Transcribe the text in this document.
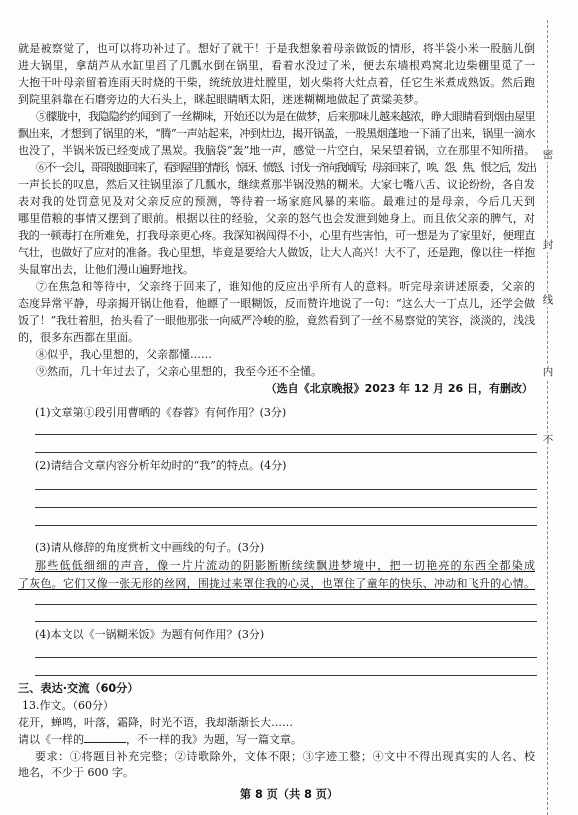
密
封
线
内
不
就是被察觉了，也可以将功补过了。想好了就干！于是我想象着母亲做饭的情形，将半袋小米一股脑儿倒
进大锅里，拿葫芦从水缸里舀了几瓢水倒在锅里，看着水没过了米，便去东墙根鸡窝北边柴棚里觅了一
大抱干叶母亲留着连雨天时烧的干柴，统统放进灶膛里，划火柴将大灶点着，任它生米煮成熟饭。然后跑
到院里斜靠在石磨旁边的大石头上，眯起眼睛晒太阳，迷迷糊糊地做起了黄粱美梦。
⑤朦胧中，我隐隐约约闻到了一丝糊味，开始还以为是在做梦，后来那味儿越来越浓，睁大眼睛看到烟由屋里
飘出来，才想到了锅里的米，“腾”一声站起来，冲到灶边，揭开锅盖，一股黑烟蓬地一下涌了出来，锅里一滴水
也没了，半锅米饭已经变成了黑炭。我脑袋“轰”地一声，感觉一片空白，呆呆望着锅，立在那里不知所措。
⑥不一会儿，哥哥姐姐回来了，看到屋里的情形，惊讶、愤怒、讨伐一齐向我倾泻；母亲回来了，唉、怨、焦、恨之后，发出
一声长长的叹息，然后又往锅里添了几瓢水，继续煮那半锅没熟的糊米。大家七嘴八舌、议论纷纷，各自发
表对我的处罚意见及对父亲反应的预测，等待着一场家庭风暴的来临。最难过的是母亲，今后几天到
哪里借粮的事情又摆到了眼前。根据以往的经验，父亲的怒气也会发泄到她身上。而且依父亲的脾气，对
我的一顿毒打在所难免，打我母亲更心疼。我深知祸闯得不小，心里有些害怕，可一想是为了家里好，便理直
气壮，也做好了应对的准备。我心里想，毕竟是要给大人做饭，让大人高兴！大不了，还是跑，像以往一样抱
头鼠窜出去，让他们漫山遍野地找。
⑦在焦急和等待中，父亲终于回来了，谁知他的反应出乎所有人的意料。听完母亲讲述原委，父亲的
态度异常平静，母亲揭开锅让他看，他瞟了一眼糊饭，反而赞许地说了一句：“这么大一丁点儿，还学会做
饭了！”我壮着胆，抬头看了一眼他那张一向威严冷峻的脸，竟然看到了一丝不易察觉的笑容，淡淡的，浅浅
的，很多东西都在里面。
⑧似乎，我心里想的，父亲都懂……
⑨然而，几十年过去了，父亲心里想的，我至今还不全懂。
（选自《北京晚报》2023 年 12 月 26 日，有删改）
(1)文章第①段引用曹晒的《春蓉》有何作用？(3分)
(2)请结合文章内容分析年幼时的“我”的特点。(4分)
(3)请从修辞的角度赏析文中画线的句子。(3分)
那些低低细细的声音，像一片片流动的阴影断断续续飘进梦境中，把一切艳亮的东西全都染成
了灰色。它们又像一张无形的丝网，围拢过来罩住我的心灵，也罩住了童年的快乐、冲动和飞升的心情。
(4)本文以《一锅糊米饭》为题有何作用？(3分)
三、表达·交流（60分）
13.作文。（60分）
花开，蝉鸣，叶落，霜降，时光不语，我却渐渐长大……
请以《一样的	，不一样的我》为题，写一篇文章。
要求：①将题目补充完整；②诗歌除外，文体不限；③字迹工整；④文中不得出现真实的人名、校
地名，不少于 600 字。
第 8 页（共 8 页）
